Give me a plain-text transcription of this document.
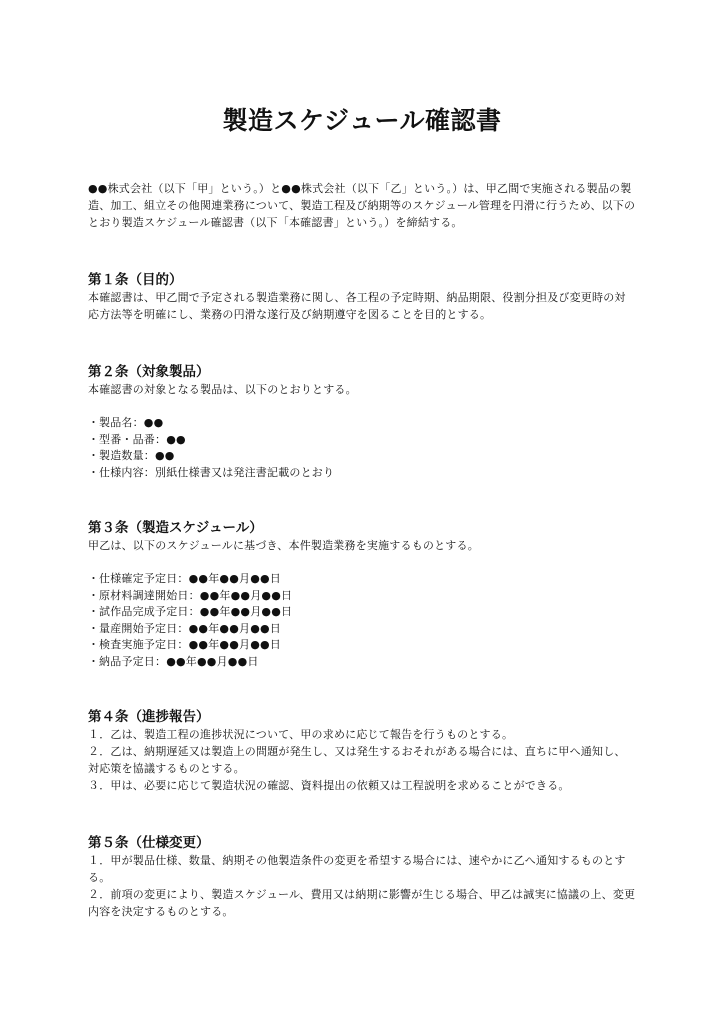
製造スケジュール確認書

●●株式会社（以下「甲」という。）と●●株式会社（以下「乙」という。）は、甲乙間で実施される製品の製造、加工、組立その他関連業務について、製造工程及び納期等のスケジュール管理を円滑に行うため、以下のとおり製造スケジュール確認書（以下「本確認書」という。）を締結する。

第１条（目的）

本確認書は、甲乙間で予定される製造業務に関し、各工程の予定時期、納品期限、役割分担及び変更時の対応方法等を明確にし、業務の円滑な遂行及び納期遵守を図ることを目的とする。

第２条（対象製品）

本確認書の対象となる製品は、以下のとおりとする。

・製品名：●●
・型番・品番：●●
・製造数量：●●
・仕様内容：別紙仕様書又は発注書記載のとおり
第３条（製造スケジュール）

甲乙は、以下のスケジュールに基づき、本件製造業務を実施するものとする。

・仕様確定予定日：●●年●●月●●日
・原材料調達開始日：●●年●●月●●日
・試作品完成予定日：●●年●●月●●日
・量産開始予定日：●●年●●月●●日
・検査実施予定日：●●年●●月●●日
・納品予定日：●●年●●月●●日
第４条（進捗報告）

１．乙は、製造工程の進捗状況について、甲の求めに応じて報告を行うものとする。

２．乙は、納期遅延又は製造上の問題が発生し、又は発生するおそれがある場合には、直ちに甲へ通知し、対応策を協議するものとする。

３．甲は、必要に応じて製造状況の確認、資料提出の依頼又は工程説明を求めることができる。

第５条（仕様変更）

１．甲が製品仕様、数量、納期その他製造条件の変更を希望する場合には、速やかに乙へ通知するものとする。

２．前項の変更により、製造スケジュール、費用又は納期に影響が生じる場合、甲乙は誠実に協議の上、変更内容を決定するものとする。
